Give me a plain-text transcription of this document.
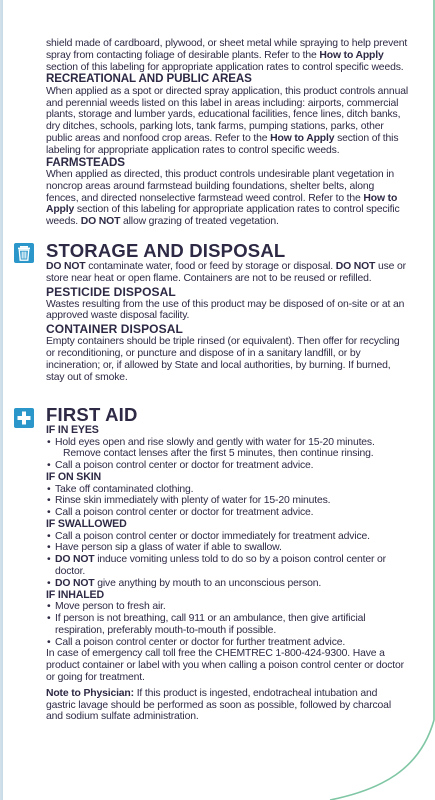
shield made of cardboard, plywood, or sheet metal while spraying to help prevent spray from contacting foliage of desirable plants. Refer to the How to Apply section of this labeling for appropriate application rates to control specific weeds.

RECREATIONAL AND PUBLIC AREAS

When applied as a spot or directed spray application, this product controls annual and perennial weeds listed on this label in areas including: airports, commercial plants, storage and lumber yards, educational facilities, fence lines, ditch banks, dry ditches, schools, parking lots, tank farms, pumping stations, parks, other public areas and nonfood crop areas. Refer to the How to Apply section of this labeling for appropriate application rates to control specific weeds.

FARMSTEADS

When applied as directed, this product controls undesirable plant vegetation in noncrop areas around farmstead building foundations, shelter belts, along fences, and directed nonselective farmstead weed control. Refer to the How to Apply section of this labeling for appropriate application rates to control specific weeds. DO NOT allow grazing of treated vegetation.

STORAGE AND DISPOSAL

DO NOT contaminate water, food or feed by storage or disposal. DO NOT use or store near heat or open flame. Containers are not to be reused or refilled.

PESTICIDE DISPOSAL

Wastes resulting from the use of this product may be disposed of on-site or at an approved waste disposal facility.

CONTAINER DISPOSAL

Empty containers should be triple rinsed (or equivalent). Then offer for recycling or reconditioning, or puncture and dispose of in a sanitary landfill, or by incineration; or, if allowed by State and local authorities, by burning. If burned, stay out of smoke.

FIRST AID

IF IN EYES

• Hold eyes open and rise slowly and gently with water for 15-20 minutes.

Remove contact lenses after the first 5 minutes, then continue rinsing.

• Call a poison control center or doctor for treatment advice.

IF ON SKIN

• Take off contaminated clothing.
• Rinse skin immediately with plenty of water for 15-20 minutes.
• Call a poison control center or doctor for treatment advice.

IF SWALLOWED

• Call a poison control center or doctor immediately for treatment advice.
• Have person sip a glass of water if able to swallow.
• DO NOT induce vomiting unless told to do so by a poison control center or doctor.
• DO NOT give anything by mouth to an unconscious person.

IF INHALED

• Move person to fresh air.
• If person is not breathing, call 911 or an ambulance, then give artificial respiration, preferably mouth-to-mouth if possible.
• Call a poison control center or doctor for further treatment advice.

In case of emergency call toll free the CHEMTREC 1-800-424-9300. Have a product container or label with you when calling a poison control center or doctor or going for treatment.

Note to Physician: If this product is ingested, endotracheal intubation and gastric lavage should be performed as soon as possible, followed by charcoal and sodium sulfate administration.
